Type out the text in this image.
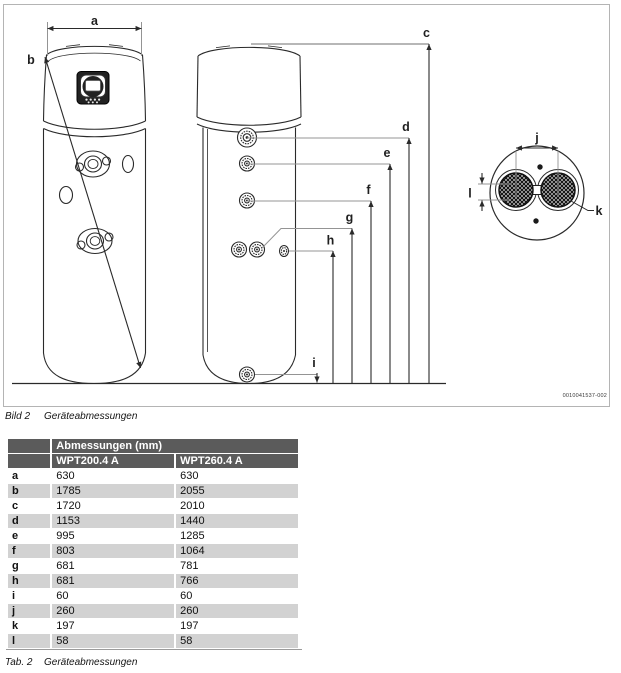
a
b
c
d
e
f
g
h
i
j
k
l
0010041537-002
Bild 2 Geräteabmessungen
	Abmessungen (mm)	
	WPT200.4 A	WPT260.4 A
a	630	630
b	1785	2055
c	1720	2010
d	1153	1440
e	995	1285
f	803	1064
g	681	781
h	681	766
i	60	60
j	260	260
k	197	197
l	58	58
Tab. 2 Geräteabmessungen
